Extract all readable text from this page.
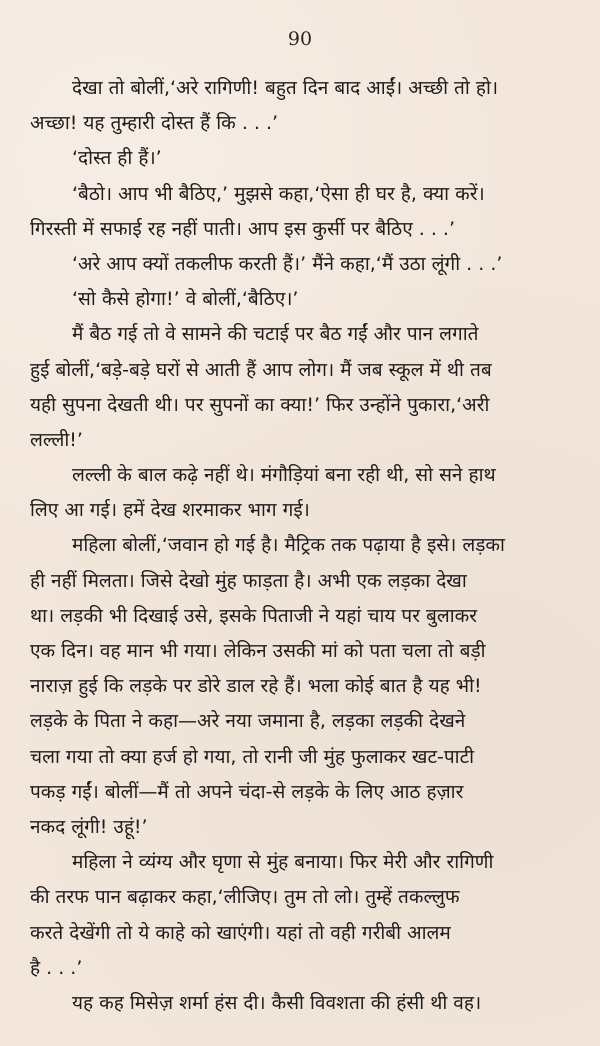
90
देखा तो बोलीं,‘अरे रागिणी! बहुत दिन बाद आईं। अच्छी तो हो।
अच्छा! यह तुम्हारी दोस्त हैं कि . . .’
‘दोस्त ही हैं।’
‘बैठो। आप भी बैठिए,’ मुझसे कहा,‘ऐसा ही घर है, क्या करें।
गिरस्ती में सफाई रह नहीं पाती। आप इस कुर्सी पर बैठिए . . .’
‘अरे आप क्यों तकलीफ करती हैं।’ मैंने कहा,‘मैं उठा लूंगी . . .’
‘सो कैसे होगा!’ वे बोलीं,‘बैठिए।’
मैं बैठ गई तो वे सामने की चटाई पर बैठ गईं और पान लगाते
हुई बोलीं,‘बड़े-बड़े घरों से आती हैं आप लोग। मैं जब स्कूल में थी तब
यही सुपना देखती थी। पर सुपनों का क्या!’ फिर उन्होंने पुकारा,‘अरी
लल्ली!’
लल्ली के बाल कढ़े नहीं थे। मंगौड़ियां बना रही थी, सो सने हाथ
लिए आ गई। हमें देख शरमाकर भाग गई।
महिला बोलीं,‘जवान हो गई है। मैट्रिक तक पढ़ाया है इसे। लड़का
ही नहीं मिलता। जिसे देखो मुंह फाड़ता है। अभी एक लड़का देखा
था। लड़की भी दिखाई उसे, इसके पिताजी ने यहां चाय पर बुलाकर
एक दिन। वह मान भी गया। लेकिन उसकी मां को पता चला तो बड़ी
नाराज़ हुई कि लड़के पर डोरे डाल रहे हैं। भला कोई बात है यह भी!
लड़के के पिता ने कहा—अरे नया जमाना है, लड़का लड़की देखने
चला गया तो क्या हर्ज हो गया, तो रानी जी मुंह फुलाकर खट-पाटी
पकड़ गईं। बोलीं—मैं तो अपने चंदा-से लड़के के लिए आठ हज़ार
नकद लूंगी! उहूं!’
महिला ने व्यंग्य और घृणा से मुंह बनाया। फिर मेरी और रागिणी
की तरफ पान बढ़ाकर कहा,‘लीजिए। तुम तो लो। तुम्हें तकल्लुफ
करते देखेंगी तो ये काहे को खाएंगी। यहां तो वही गरीबी आलम
है . . .’
यह कह मिसेज़ शर्मा हंस दी। कैसी विवशता की हंसी थी वह।
